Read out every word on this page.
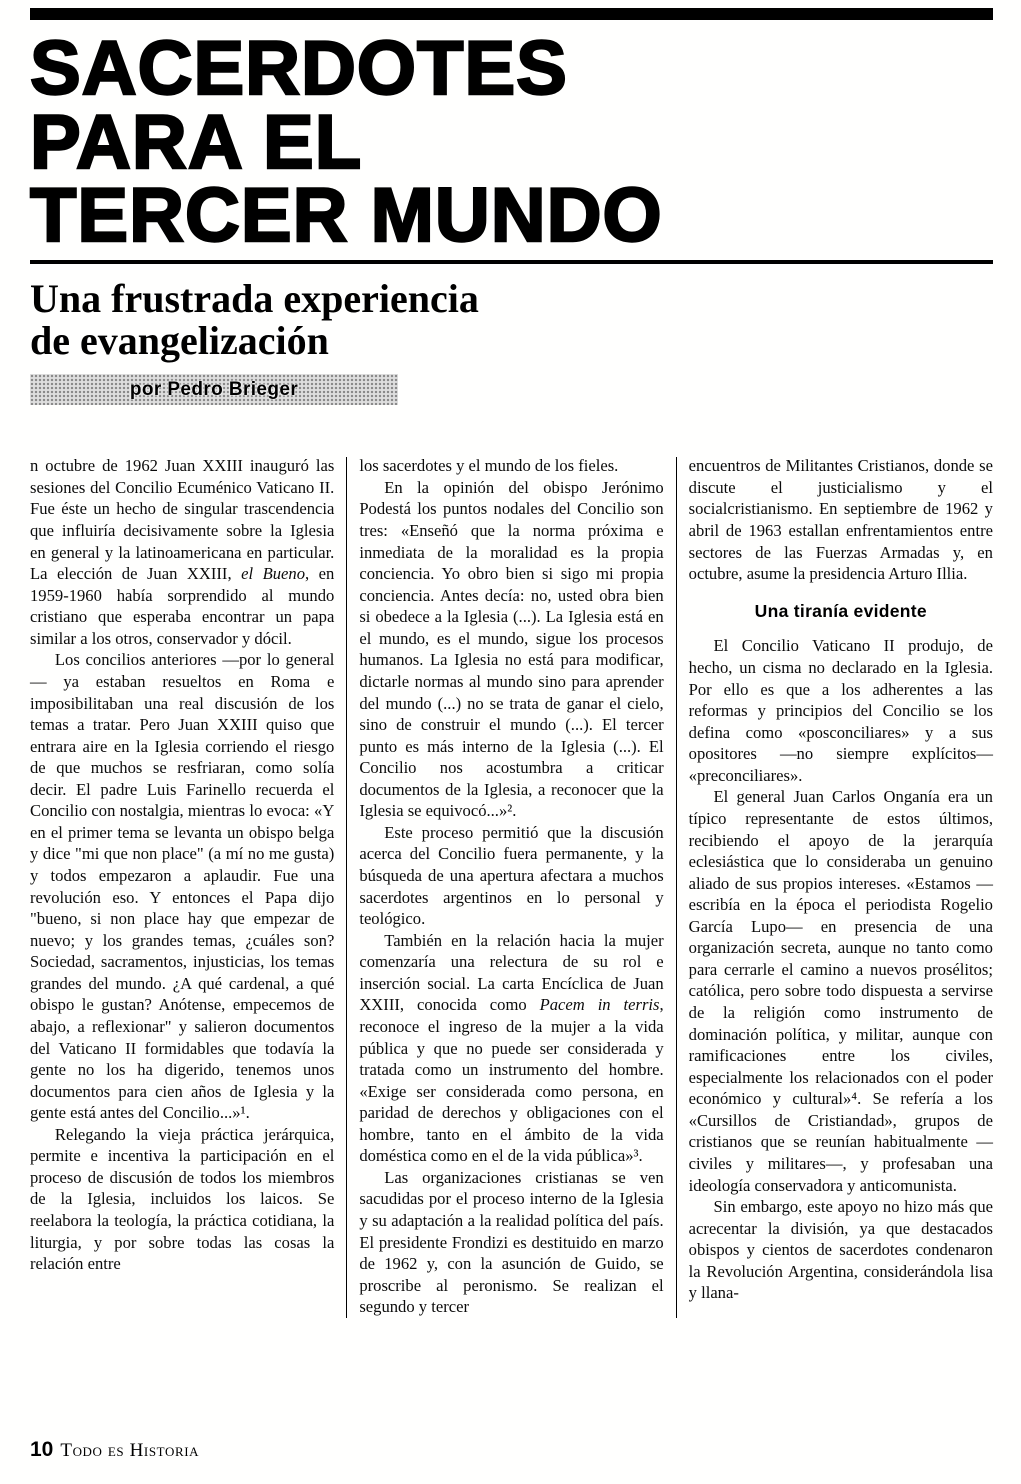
SACERDOTES
PARA EL
TERCER MUNDO
Una frustrada experiencia
de evangelización
por Pedro Brieger

n octubre de 1962 Juan XXIII inauguró las sesiones del Concilio Ecuménico Vaticano II. Fue éste un hecho de singular trascendencia que influiría decisivamente sobre la Iglesia en general y la latinoamericana en particular. La elección de Juan XXIII, el Bueno, en 1959-1960 había sorprendido al mundo cristiano que esperaba encontrar un papa similar a los otros, conservador y dócil.

Los concilios anteriores —por lo general— ya estaban resueltos en Roma e imposibilitaban una real discusión de los temas a tratar. Pero Juan XXIII quiso que entrara aire en la Iglesia corriendo el riesgo de que muchos se resfriaran, como solía decir. El padre Luis Farinello recuerda el Concilio con nostalgia, mientras lo evoca: «Y en el primer tema se levanta un obispo belga y dice "mi que non place" (a mí no me gusta) y todos empezaron a aplaudir. Fue una revolución eso. Y entonces el Papa dijo "bueno, si non place hay que empezar de nuevo; y los grandes temas, ¿cuáles son? Sociedad, sacramentos, injusticias, los temas grandes del mundo. ¿A qué cardenal, a qué obispo le gustan? Anótense, empecemos de abajo, a reflexionar" y salieron documentos del Vaticano II formidables que todavía la gente no los ha digerido, tenemos unos documentos para cien años de Iglesia y la gente está antes del Concilio...»¹.

Relegando la vieja práctica jerárquica, permite e incentiva la participación en el proceso de discusión de todos los miembros de la Iglesia, incluidos los laicos. Se reelabora la teología, la práctica cotidiana, la liturgia, y por sobre todas las cosas la relación entre

los sacerdotes y el mundo de los fieles.

En la opinión del obispo Jerónimo Podestá los puntos nodales del Concilio son tres: «Enseñó que la norma próxima e inmediata de la moralidad es la propia conciencia. Yo obro bien si sigo mi propia conciencia. Antes decía: no, usted obra bien si obedece a la Iglesia (...). La Iglesia está en el mundo, es el mundo, sigue los procesos humanos. La Iglesia no está para modificar, dictarle normas al mundo sino para aprender del mundo (...) no se trata de ganar el cielo, sino de construir el mundo (...). El tercer punto es más interno de la Iglesia (...). El Concilio nos acostumbra a criticar documentos de la Iglesia, a reconocer que la Iglesia se equivocó...»².

Este proceso permitió que la discusión acerca del Concilio fuera permanente, y la búsqueda de una apertura afectara a muchos sacerdotes argentinos en lo personal y teológico.

También en la relación hacia la mujer comenzaría una relectura de su rol e inserción social. La carta Encíclica de Juan XXIII, conocida como Pacem in terris, reconoce el ingreso de la mujer a la vida pública y que no puede ser considerada y tratada como un instrumento del hombre. «Exige ser considerada como persona, en paridad de derechos y obligaciones con el hombre, tanto en el ámbito de la vida doméstica como en el de la vida pública»³.

Las organizaciones cristianas se ven sacudidas por el proceso interno de la Iglesia y su adaptación a la realidad política del país. El presidente Frondizi es destituido en marzo de 1962 y, con la asunción de Guido, se proscribe al peronismo. Se realizan el segundo y tercer

encuentros de Militantes Cristianos, donde se discute el justicialismo y el socialcristianismo. En septiembre de 1962 y abril de 1963 estallan enfrentamientos entre sectores de las Fuerzas Armadas y, en octubre, asume la presidencia Arturo Illia.

Una tiranía evidente

El Concilio Vaticano II produjo, de hecho, un cisma no declarado en la Iglesia. Por ello es que a los adherentes a las reformas y principios del Concilio se los defina como «posconciliares» y a sus opositores —no siempre explícitos— «preconciliares».

El general Juan Carlos Onganía era un típico representante de estos últimos, recibiendo el apoyo de la jerarquía eclesiástica que lo consideraba un genuino aliado de sus propios intereses. «Estamos —escribía en la época el periodista Rogelio García Lupo— en presencia de una organización secreta, aunque no tanto como para cerrarle el camino a nuevos prosélitos; católica, pero sobre todo dispuesta a servirse de la religión como instrumento de dominación política, y militar, aunque con ramificaciones entre los civiles, especialmente los relacionados con el poder económico y cultural»⁴. Se refería a los «Cursillos de Cristiandad», grupos de cristianos que se reunían habitualmente —civiles y militares—, y profesaban una ideología conservadora y anticomunista.

Sin embargo, este apoyo no hizo más que acrecentar la división, ya que destacados obispos y cientos de sacerdotes condenaron la Revolución Argentina, considerándola lisa y llana-

10 Todo es Historia
